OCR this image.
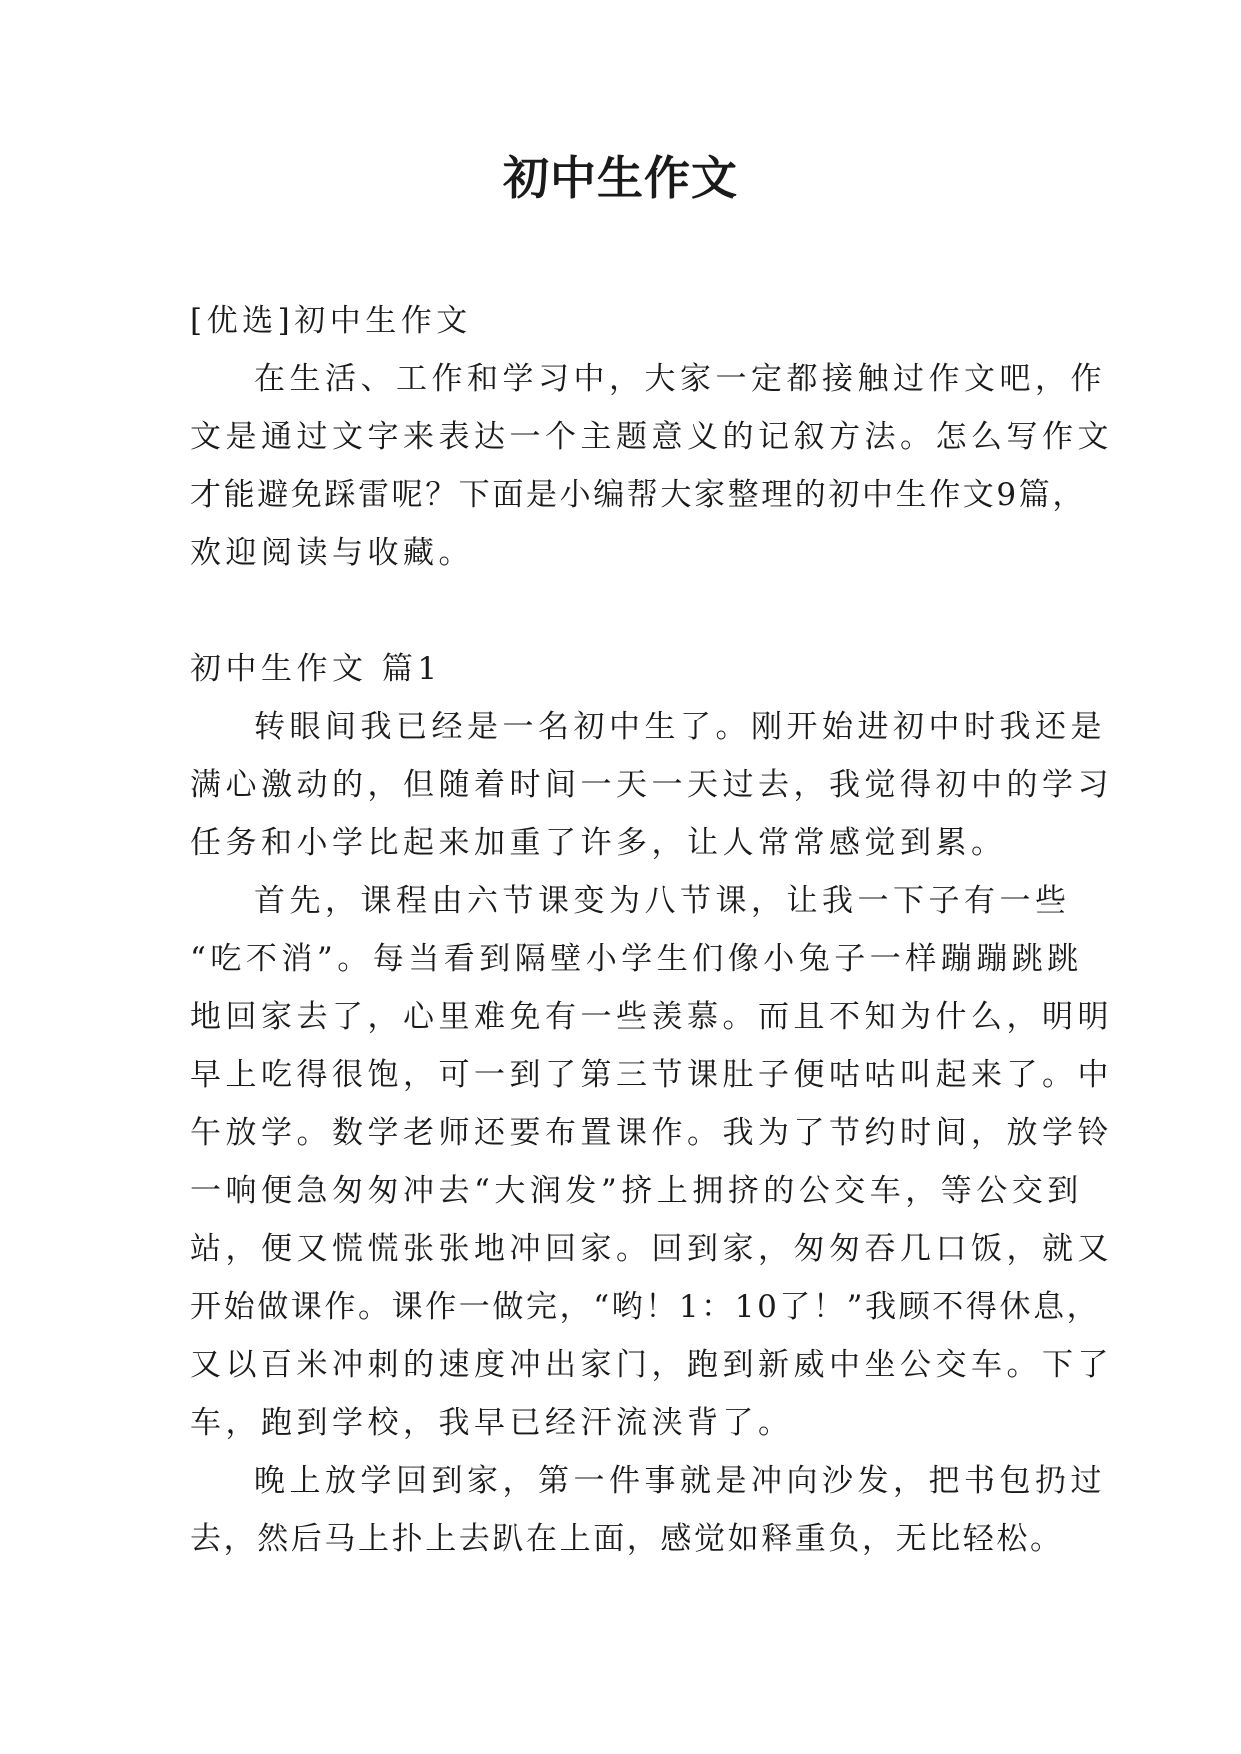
初中生作文
[优选]初中生作文
在生活、工作和学习中，大家一定都接触过作文吧，作
文是通过文字来表达一个主题意义的记叙方法。怎么写作文
才能避免踩雷呢？下面是小编帮大家整理的初中生作文9篇，
欢迎阅读与收藏。
初中生作文 篇1
转眼间我已经是一名初中生了。刚开始进初中时我还是
满心激动的，但随着时间一天一天过去，我觉得初中的学习
任务和小学比起来加重了许多，让人常常感觉到累。
首先，课程由六节课变为八节课，让我一下子有一些
“吃不消”。每当看到隔壁小学生们像小兔子一样蹦蹦跳跳
地回家去了，心里难免有一些羡慕。而且不知为什么，明明
早上吃得很饱，可一到了第三节课肚子便咕咕叫起来了。中
午放学。数学老师还要布置课作。我为了节约时间，放学铃
一响便急匆匆冲去“大润发”挤上拥挤的公交车，等公交到
站，便又慌慌张张地冲回家。回到家，匆匆吞几口饭，就又
开始做课作。课作一做完，“哟！1：10了！”我顾不得休息，
又以百米冲刺的速度冲出家门，跑到新威中坐公交车。下了
车，跑到学校，我早已经汗流浃背了。
晚上放学回到家，第一件事就是冲向沙发，把书包扔过
去，然后马上扑上去趴在上面，感觉如释重负，无比轻松。
